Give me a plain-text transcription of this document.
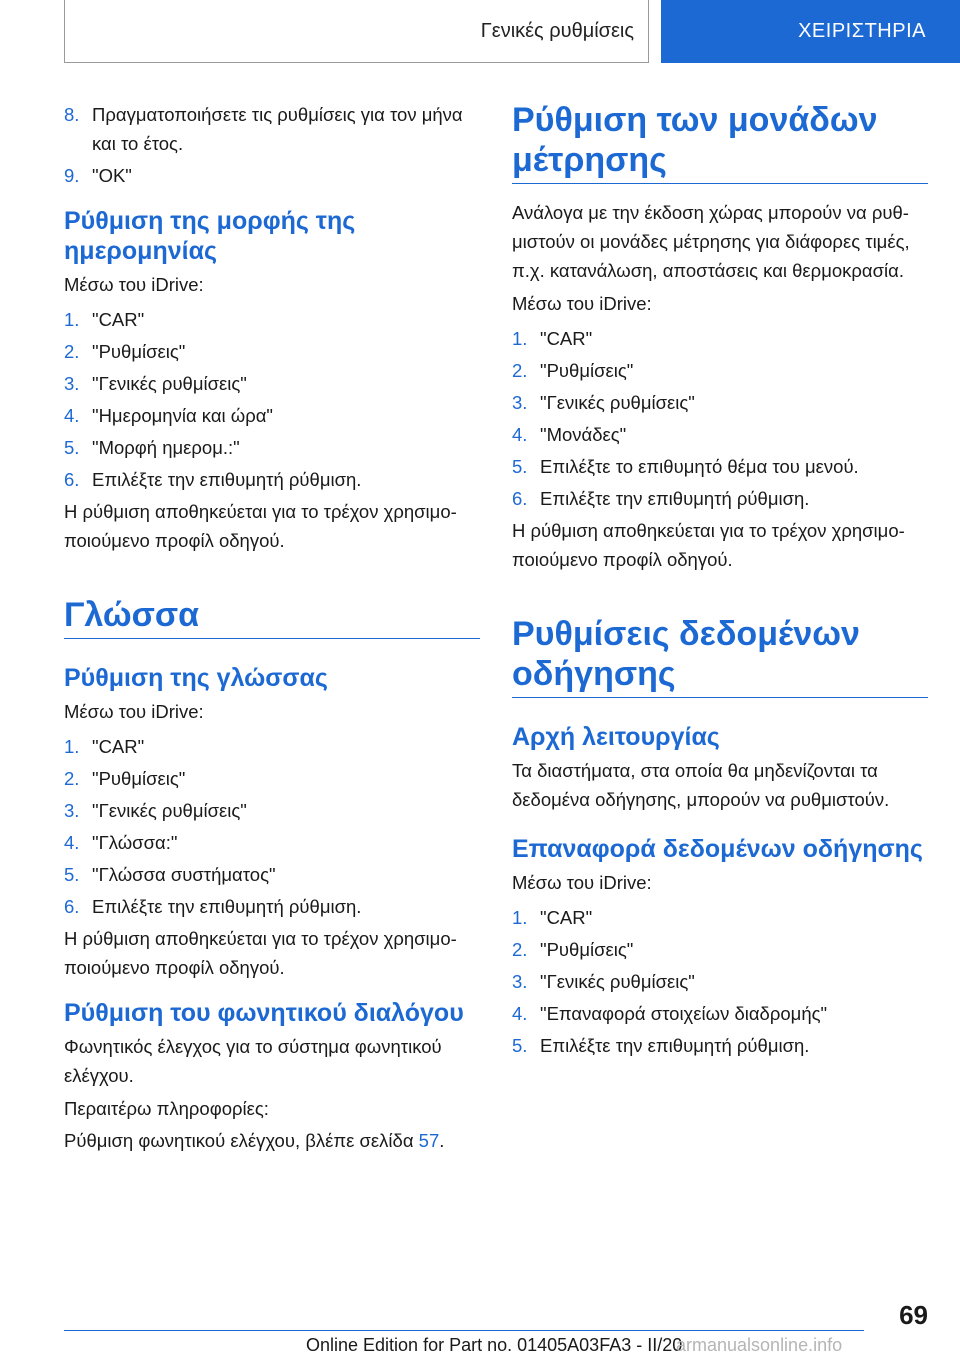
Γενικές ρυθμίσεις	ΧΕΙΡΙΣΤΗΡΙΑ
8. Πραγματοποιήσετε τις ρυθμίσεις για τον μήνα και το έτος.
9. "OK"
Ρύθμιση της μορφής της ημερομηνίας

Μέσω του iDrive:

1. "CAR"
2. "Ρυθμίσεις"
3. "Γενικές ρυθμίσεις"
4. "Ημερομηνία και ώρα"
5. "Μορφή ημερομ.:"
6. Επιλέξτε την επιθυμητή ρύθμιση.

Η ρύθμιση αποθηκεύεται για το τρέχον χρησιμοποιούμενο προφίλ οδηγού.

Γλώσσα
Ρύθμιση της γλώσσας

Μέσω του iDrive:

1. "CAR"
2. "Ρυθμίσεις"
3. "Γενικές ρυθμίσεις"
4. "Γλώσσα:"
5. "Γλώσσα συστήματος"
6. Επιλέξτε την επιθυμητή ρύθμιση.

Η ρύθμιση αποθηκεύεται για το τρέχον χρησιμοποιούμενο προφίλ οδηγού.

Ρύθμιση του φωνητικού διαλόγου

Φωνητικός έλεγχος για το σύστημα φωνητικού ελέγχου.

Περαιτέρω πληροφορίες:

Ρύθμιση φωνητικού ελέγχου, βλέπε σελίδα 57.

Ρύθμιση των μονάδων μέτρησης

Ανάλογα με την έκδοση χώρας μπορούν να ρυθμιστούν οι μονάδες μέτρησης για διάφορες τιμές, π.χ. κατανάλωση, αποστάσεις και θερμοκρασία.

Μέσω του iDrive:

1. "CAR"
2. "Ρυθμίσεις"
3. "Γενικές ρυθμίσεις"
4. "Μονάδες"
5. Επιλέξτε το επιθυμητό θέμα του μενού.
6. Επιλέξτε την επιθυμητή ρύθμιση.

Η ρύθμιση αποθηκεύεται για το τρέχον χρησιμοποιούμενο προφίλ οδηγού.

Ρυθμίσεις δεδομένων οδήγησης
Αρχή λειτουργίας

Τα διαστήματα, στα οποία θα μηδενίζονται τα δεδομένα οδήγησης, μπορούν να ρυθμιστούν.

Επαναφορά δεδομένων οδήγησης

Μέσω του iDrive:

1. "CAR"
2. "Ρυθμίσεις"
3. "Γενικές ρυθμίσεις"
4. "Επαναφορά στοιχείων διαδρομής"
5. Επιλέξτε την επιθυμητή ρύθμιση.
69
Online Edition for Part no. 01405A03FA3 - II/20
armanualsonline.info
